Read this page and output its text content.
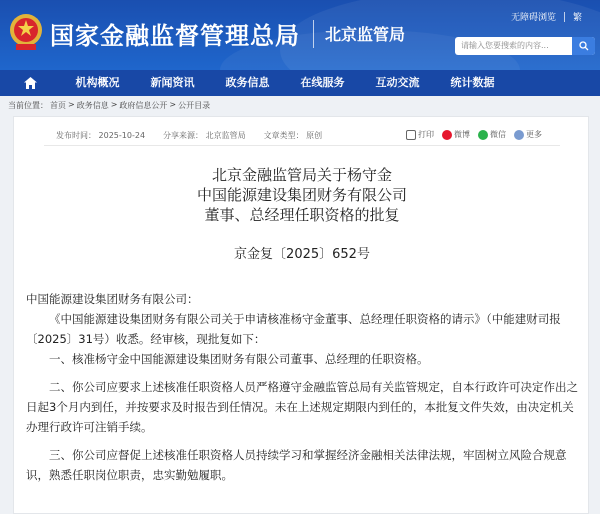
国家金融监督管理总局 北京监管局
无障碍浏览 繁
请输入您要搜索的内容...
机构概况	新闻资讯	政务信息	在线服务	互动交流	统计数据
当前位置： 首页 > 政务信息 > 政府信息公开 > 公开目录
发布时间： 2025-10-24 分享来源： 北京监管局 文章类型： 原创	打印	微博	微信	更多
北京金融监管局关于杨守金
中国能源建设集团财务有限公司
董事、总经理任职资格的批复
京金复〔2025〕652号
中国能源建设集团财务有限公司：
《中国能源建设集团财务有限公司关于申请核准杨守金董事、总经理任职资格的请示》（中能建财司报〔2025〕31号）收悉。经审核，现批复如下：
一、核准杨守金中国能源建设集团财务有限公司董事、总经理的任职资格。
二、你公司应要求上述核准任职资格人员严格遵守金融监管总局有关监管规定，自本行政许可决定作出之日起3个月内到任，并按要求及时报告到任情况。未在上述规定期限内到任的，本批复文件失效，由决定机关办理行政许可注销手续。
三、你公司应督促上述核准任职资格人员持续学习和掌握经济金融相关法律法规，牢固树立风险合规意识，熟悉任职岗位职责，忠实勤勉履职。
